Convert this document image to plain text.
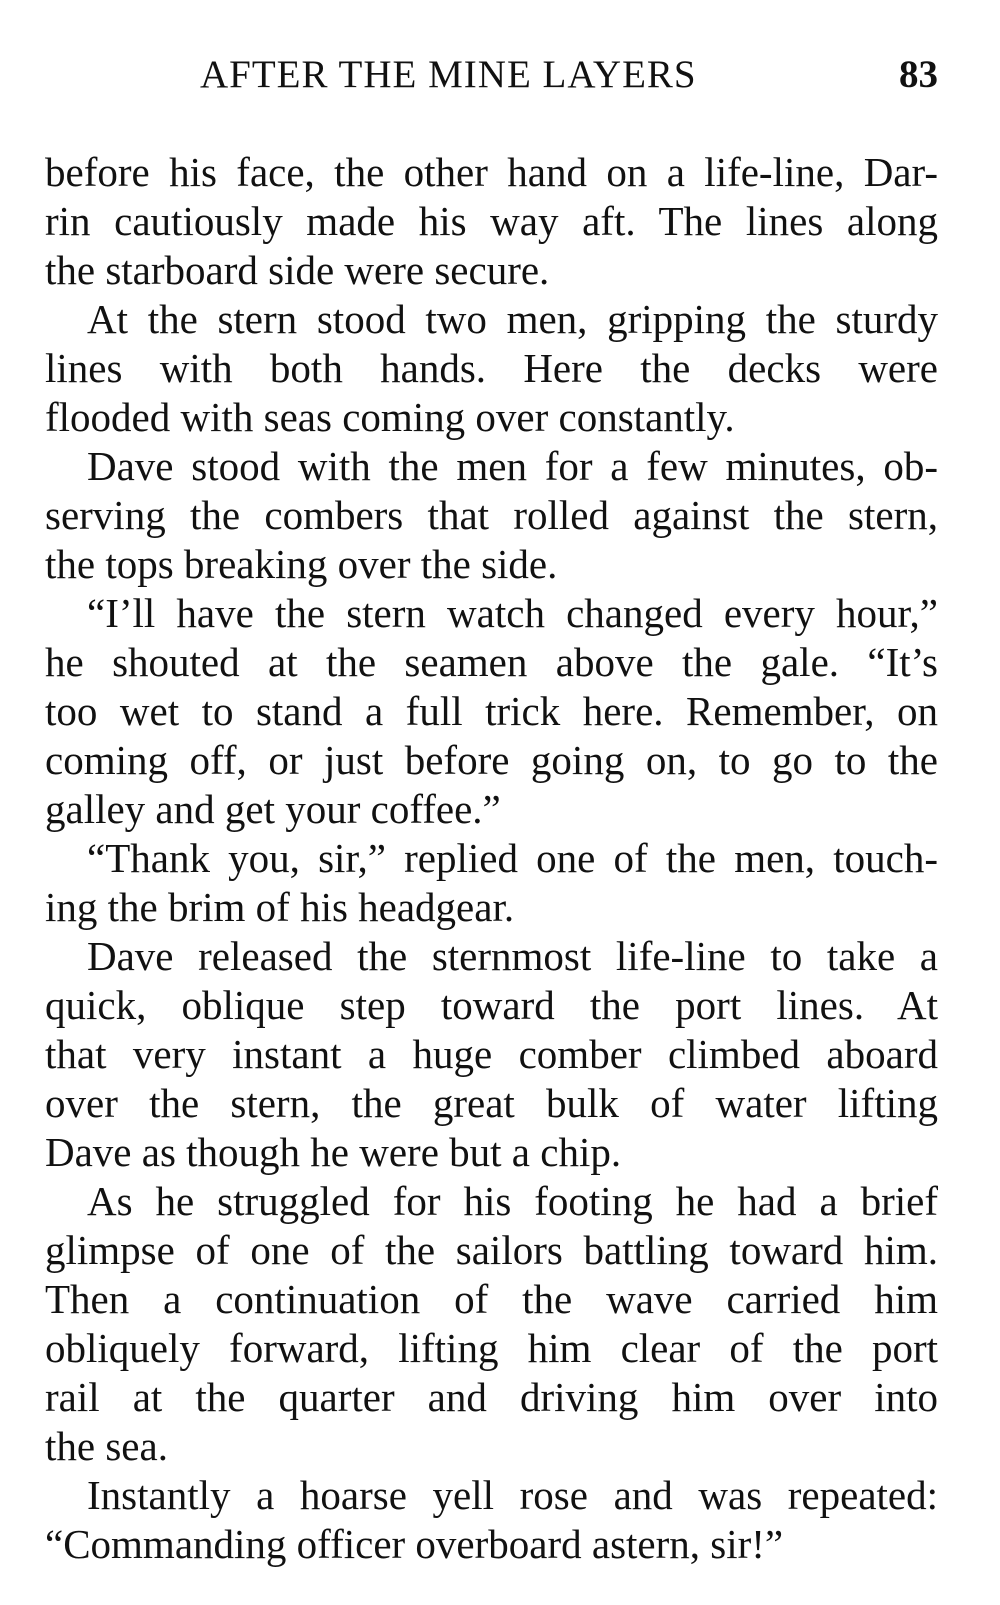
AFTER THE MINE LAYERS	83
before his face, the other hand on a life-line, Dar-
rin cautiously made his way aft. The lines along
the starboard side were secure.
At the stern stood two men, gripping the sturdy
lines with both hands. Here the decks were
flooded with seas coming over constantly.
Dave stood with the men for a few minutes, ob-
serving the combers that rolled against the stern,
the tops breaking over the side.
“I’ll have the stern watch changed every hour,”
he shouted at the seamen above the gale. “It’s
too wet to stand a full trick here. Remember, on
coming off, or just before going on, to go to the
galley and get your coffee.”
“Thank you, sir,” replied one of the men, touch-
ing the brim of his headgear.
Dave released the sternmost life-line to take a
quick, oblique step toward the port lines. At
that very instant a huge comber climbed aboard
over the stern, the great bulk of water lifting
Dave as though he were but a chip.
As he struggled for his footing he had a brief
glimpse of one of the sailors battling toward him.
Then a continuation of the wave carried him
obliquely forward, lifting him clear of the port
rail at the quarter and driving him over into
the sea.
Instantly a hoarse yell rose and was repeated:
“Commanding officer overboard astern, sir!”
